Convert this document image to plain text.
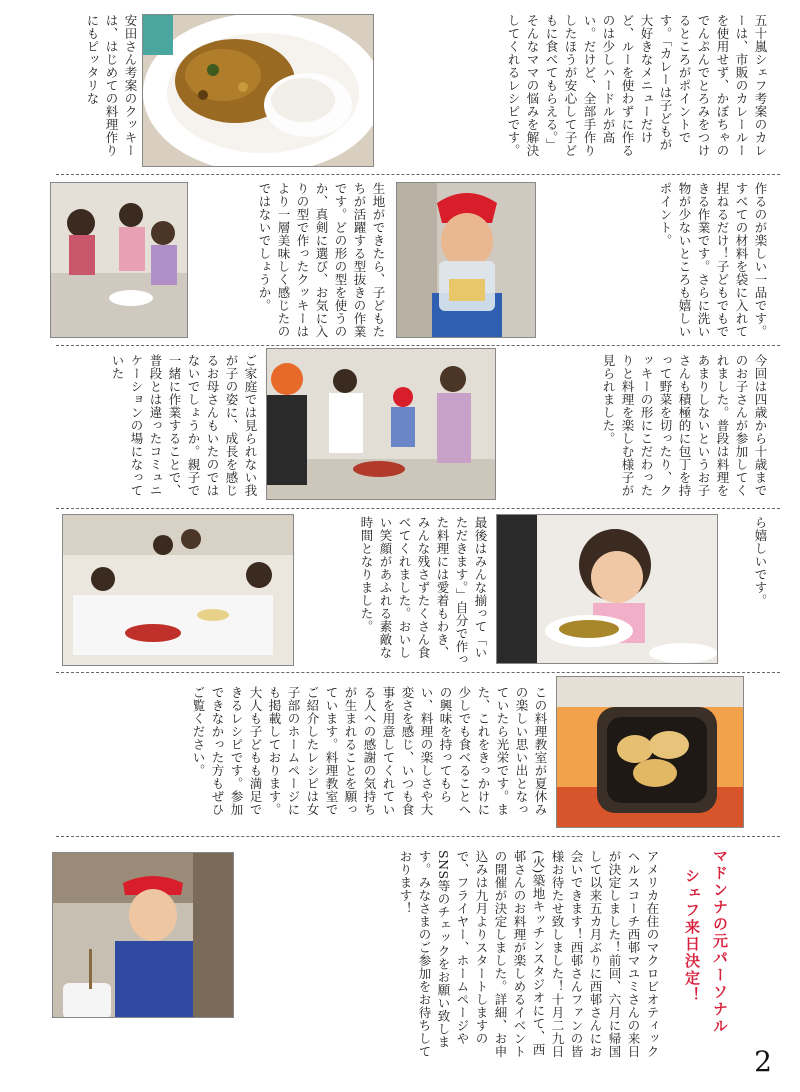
五十嵐シェフ考案のカレーは、市販のカレールーを使用せず、かぼちゃのでんぷんでとろみをつけるところがポイントです。「カレーは子どもが大好きなメニューだけど、ルーを使わずに作るのは少しハードルが高い。だけど、全部手作りしたほうが安心して子どもに食べてもらえる。」そんなママの悩みを解決してくれるレシピです。
安田さん考案のクッキーは、はじめての料理作りにもピッタリな
作るのが楽しい一品です。すべての材料を袋に入れて捏ねるだけ！子どもでもできる作業です。さらに洗い物が少ないところも嬉しいポイント。
生地ができたら、子どもたちが活躍する型抜きの作業です。どの形の型を使うのか、真剣に選び、お気に入りの型で作ったクッキーはより一層美味しく感じたのではないでしょうか。
今回は四歳から十歳までのお子さんが参加してくれました。普段は料理をあまりしないというお子さんも積極的に包丁を持って野菜を切ったり、クッキーの形にこだわったりと料理を楽しむ様子が見られました。
ご家庭では見られない我が子の姿に、成長を感じるお母さんもいたのではないでしょうか。親子で一緒に作業することで、普段とは違ったコミュニケーションの場になっていた
ら嬉しいです。
最後はみんな揃って「いただきます。」自分で作った料理には愛着もわき、みんな残さずたくさん食べてくれました。おいしい笑顔があふれる素敵な時間となりました。
この料理教室が夏休みの楽しい思い出となっていたら光栄です。また、これをきっかけに少しでも食べることへの興味を持ってもらい、料理の楽しさや大変さを感じ、いつも食事を用意してくれている人への感謝の気持ちが生まれることを願っています。料理教室でご紹介したレシピは女子部のホームページにも掲載しております。大人も子どもも満足できるレシピです。参加できなかった方もぜひご覧ください。
マドンナの元パーソナル
シェフ来日決定！
アメリカ在住のマクロビオティックヘルスコーチ西邨マユミさんの来日が決定しました！前回、六月に帰国して以来五カ月ぶりに西邨さんにお会いできます！西邨さんファンの皆様お待たせ致しました！十月二九日(火)築地キッチンスタジオにて、西邨さんのお料理が楽しめるイベントの開催が決定しました。詳細、お申込みは九月よりスタートしますので、フライヤー、ホームページやSNS等のチェックをお願い致します。みなさまのご参加をお待ちしております！
2
